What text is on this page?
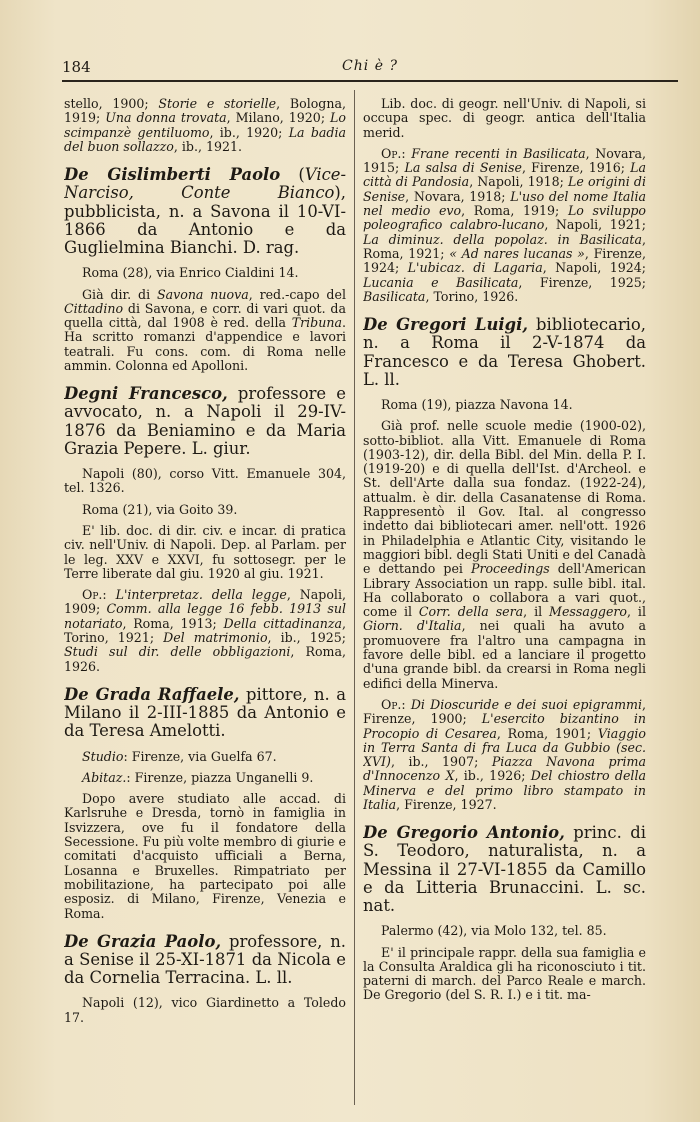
184	Chi è ?

stello, 1900; Storie e storielle, Bologna, 1919; Una donna trovata, Milano, 1920; Lo scimpanzè gentiluomo, ib., 1920; La badia del buon sollazzo, ib., 1921.

De Gislimberti Paolo (Vice-Narciso, Conte Bianco), pubblicista, n. a Savona il 10-VI-1866 da Antonio e da Guglielmina Bianchi. D. rag.

Roma (28), via Enrico Cialdini 14.

Già dir. di Savona nuova, red.-capo del Cittadino di Savona, e corr. di vari quot. da quella città, dal 1908 è red. della Tribuna. Ha scritto romanzi d'appendice e lavori teatrali. Fu cons. com. di Roma nelle ammin. Colonna ed Apolloni.

Degni Francesco, professore e avvocato, n. a Napoli il 29-IV-1876 da Beniamino e da Maria Grazia Pepere. L. giur.

Napoli (80), corso Vitt. Emanuele 304, tel. 1326.

Roma (21), via Goito 39.

E' lib. doc. di dir. civ. e incar. di pratica civ. nell'Univ. di Napoli. Dep. al Parlam. per le leg. XXV e XXVI, fu sottosegr. per le Terre liberate dal giu. 1920 al giu. 1921.

Op.: L'interpretaz. della legge, Napoli, 1909; Comm. alla legge 16 febb. 1913 sul notariato, Roma, 1913; Della cittadinanza, Torino, 1921; Del matrimonio, ib., 1925; Studi sul dir. delle obbligazioni, Roma, 1926.

De Grada Raffaele, pittore, n. a Milano il 2-III-1885 da Antonio e da Teresa Amelotti.

Studio: Firenze, via Guelfa 67.

Abitaz.: Firenze, piazza Unganelli 9.

Dopo avere studiato alle accad. di Karlsruhe e Dresda, tornò in famiglia in Isvizzera, ove fu il fondatore della Secessione. Fu più volte membro di giurie e comitati d'acquisto ufficiali a Berna, Losanna e Bruxelles. Rimpatriato per mobilitazione, ha partecipato poi alle esposiz. di Milano, Firenze, Venezia e Roma.

De Grazia Paolo, professore, n. a Senise il 25-XI-1871 da Nicola e da Cornelia Terracina. L. ll.

Napoli (12), vico Giardinetto a Toledo 17.

Lib. doc. di geogr. nell'Univ. di Napoli, si occupa spec. di geogr. antica dell'Italia merid.

Op.: Frane recenti in Basilicata, Novara, 1915; La salsa di Senise, Firenze, 1916; La città di Pandosia, Napoli, 1918; Le origini di Senise, Novara, 1918; L'uso del nome Italia nel medio evo, Roma, 1919; Lo sviluppo poleografico calabro-lucano, Napoli, 1921; La diminuz. della popolaz. in Basilicata, Roma, 1921; « Ad nares lucanas », Firenze, 1924; L'ubicaz. di Lagaria, Napoli, 1924; Lucania e Basilicata, Firenze, 1925; Basilicata, Torino, 1926.

De Gregori Luigi, bibliotecario, n. a Roma il 2-V-1874 da Francesco e da Teresa Ghobert. L. ll.

Roma (19), piazza Navona 14.

Già prof. nelle scuole medie (1900-02), sotto-bibliot. alla Vitt. Emanuele di Roma (1903-12), dir. della Bibl. del Min. della P. I. (1919-20) e di quella dell'Ist. d'Archeol. e St. dell'Arte dalla sua fondaz. (1922-24), attualm. è dir. della Casanatense di Roma. Rappresentò il Gov. Ital. al congresso indetto dai bibliotecari amer. nell'ott. 1926 in Philadelphia e Atlantic City, visitando le maggiori bibl. degli Stati Uniti e del Canadà e dettando pei Proceedings dell'American Library Association un rapp. sulle bibl. ital. Ha collaborato o collabora a vari quot., come il Corr. della sera, il Messaggero, il Giorn. d'Italia, nei quali ha avuto a promuovere fra l'altro una campagna in favore delle bibl. ed a lanciare il progetto d'una grande bibl. da crearsi in Roma negli edifici della Minerva.

Op.: Di Dioscuride e dei suoi epigrammi, Firenze, 1900; L'esercito bizantino in Procopio di Cesarea, Roma, 1901; Viaggio in Terra Santa di fra Luca da Gubbio (sec. XVI), ib., 1907; Piazza Navona prima d'Innocenzo X, ib., 1926; Del chiostro della Minerva e del primo libro stampato in Italia, Firenze, 1927.

De Gregorio Antonio, princ. di S. Teodoro, naturalista, n. a Messina il 27-VI-1855 da Camillo e da Litteria Brunaccini. L. sc. nat.

Palermo (42), via Molo 132, tel. 85.

E' il principale rappr. della sua famiglia e la Consulta Araldica gli ha riconosciuto i tit. paterni di march. del Parco Reale e march. De Gregorio (del S. R. I.) e i tit. ma-
